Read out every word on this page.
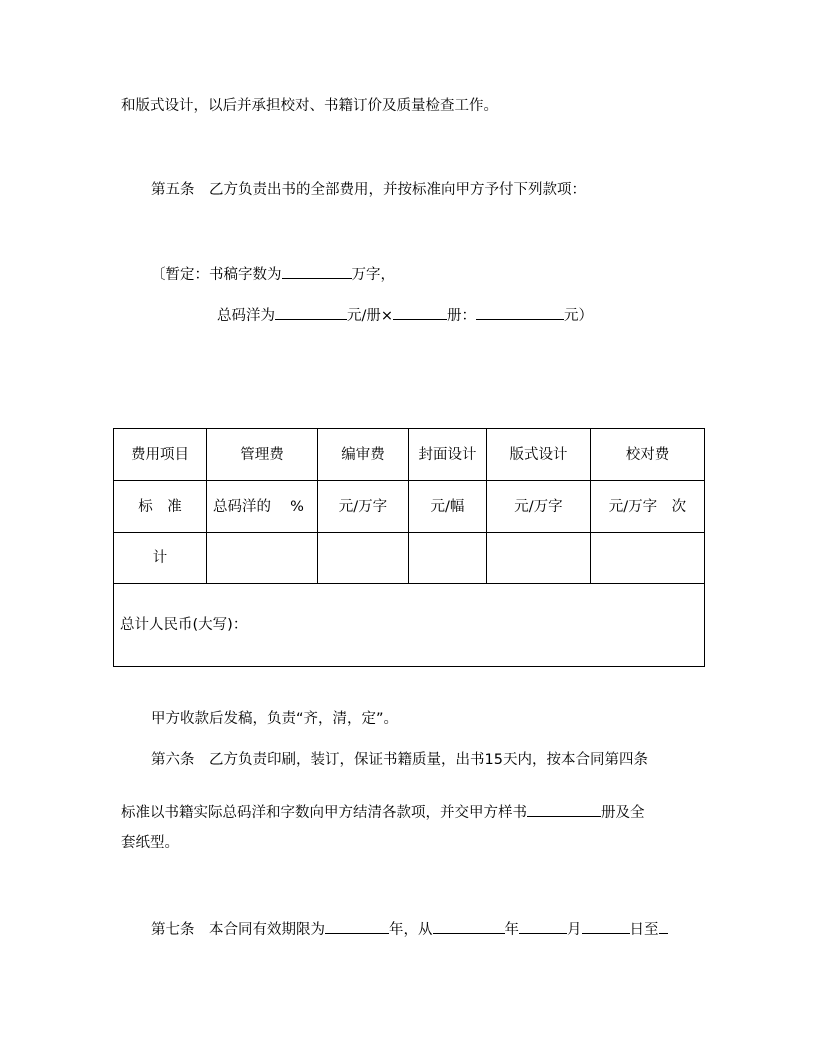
和版式设计，以后并承担校对、书籍订价及质量检查工作。
第五条　乙方负责出书的全部费用，并按标准向甲方予付下列款项：
〔暂定：书稿字数为	万字，
总码洋为	元/册×	册：	元）
费用项目	管理费	编审费	封面设计	版式设计	校对费
标　准	总码洋的　 %	元/万字	元/幅	元/万字	元/万字　次
计					
总计人民币(大写)：					
甲方收款后发稿，负责“齐，清，定”。
第六条　乙方负责印刷，装订，保证书籍质量，出书15天内，按本合同第四条
标准以书籍实际总码洋和字数向甲方结清各款项，并交甲方样书	册及全
套纸型。
第七条　本合同有效期限为	年，从	年	月	日至
